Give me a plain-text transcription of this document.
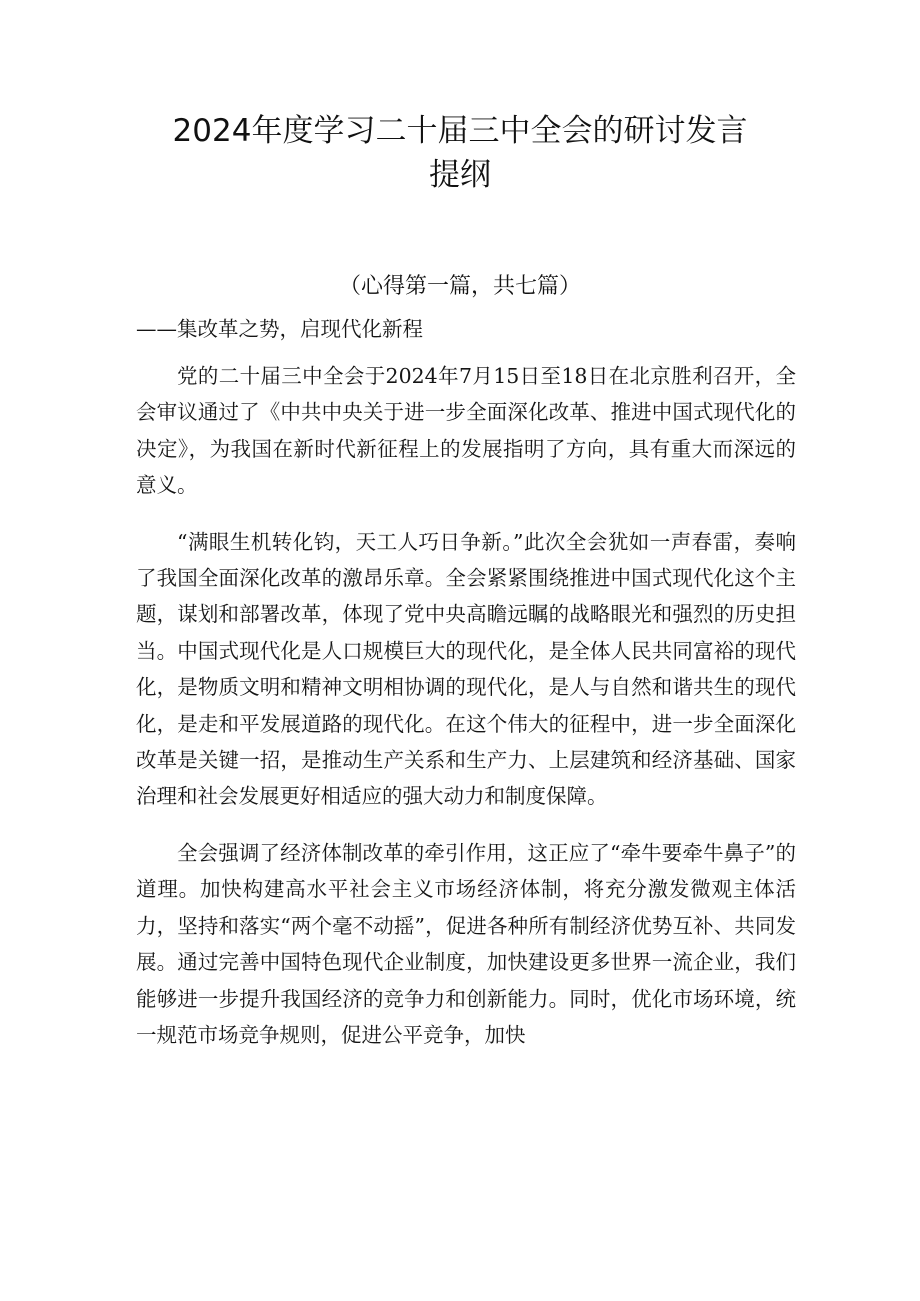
2024年度学习二十届三中全会的研讨发言
提纲
（心得第一篇，共七篇）
——集改革之势，启现代化新程

党的二十届三中全会于2024年7月15日至18日在北京胜利召开，全会审议通过了《中共中央关于进一步全面深化改革、推进中国式现代化的决定》，为我国在新时代新征程上的发展指明了方向，具有重大而深远的意义。

“满眼生机转化钧，天工人巧日争新。”此次全会犹如一声春雷，奏响了我国全面深化改革的激昂乐章。全会紧紧围绕推进中国式现代化这个主题，谋划和部署改革，体现了党中央高瞻远瞩的战略眼光和强烈的历史担当。中国式现代化是人口规模巨大的现代化，是全体人民共同富裕的现代化，是物质文明和精神文明相协调的现代化，是人与自然和谐共生的现代化，是走和平发展道路的现代化。在这个伟大的征程中，进一步全面深化改革是关键一招，是推动生产关系和生产力、上层建筑和经济基础、国家治理和社会发展更好相适应的强大动力和制度保障。

全会强调了经济体制改革的牵引作用，这正应了“牵牛要牵牛鼻子”的道理。加快构建高水平社会主义市场经济体制，将充分激发微观主体活力，坚持和落实“两个毫不动摇”，促进各种所有制经济优势互补、共同发展。通过完善中国特色现代企业制度，加快建设更多世界一流企业，我们能够进一步提升我国经济的竞争力和创新能力。同时，优化市场环境，统一规范市场竞争规则，促进公平竞争，加快
